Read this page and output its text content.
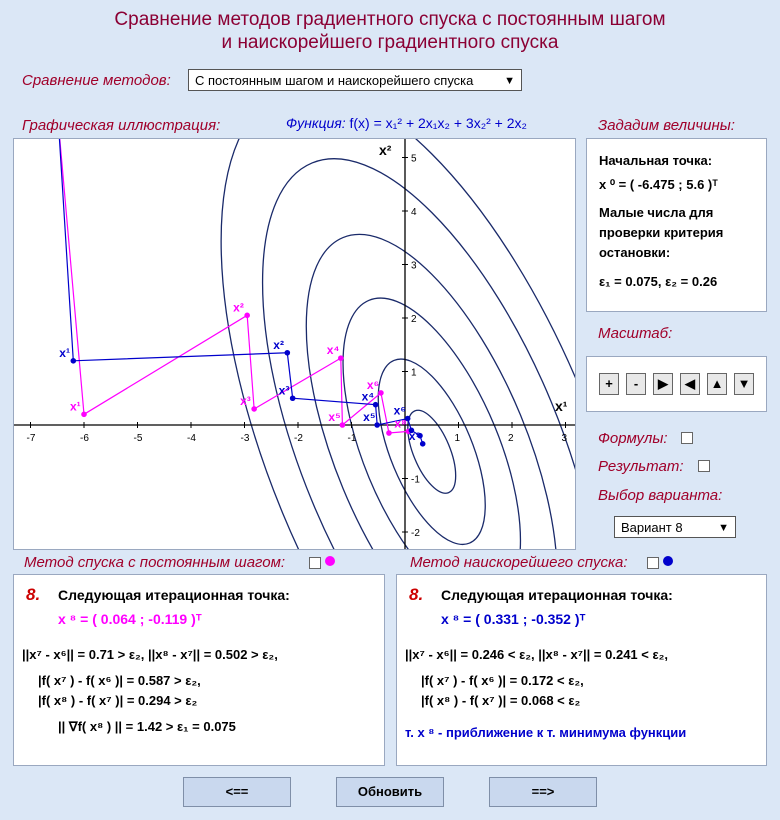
Сравнение методов градиентного спуска с постоянным шагом
и наискорейшего градиентного спуска
Сравнение методов:	С постоянным шагом и наискорейшего спуска	▼
Графическая иллюстрация:	Функция: f(x) = x₁² + 2x₁x₂ + 3x₂² + 2x₂
-7	-6	-5	-4	-3	-2	-1	1	2	3
5
4
3
2
1
-1
-2
x¹
x²
x¹
x²
x³	x⁴
x⁵ x⁶
x⁹
x¹
x²
x³
x⁴
x⁵
x⁶
x⁸
Зададим величины:
Начальная точка:
x ⁰ = ( -6.475 ; 5.6 )ᵀ
Малые числа для
проверки критерия
остановки:
ε₁ = 0.075, ε₂ = 0.26
Масштаб:
+	-	▶	◀	▲ ▼
Формулы:
Результат:
Выбор варианта:
Вариант 8	▼
Метод спуска с постоянным шагом:	Метод наискорейшего спуска:
8. Следующая итерационная точка:
x ⁸ = ( 0.064 ; -0.119 )ᵀ
||x⁷ - x⁶|| = 0.71 > ε₂, ||x⁸ - x⁷|| = 0.502 > ε₂,
|f( x⁷ ) - f( x⁶ )| = 0.587 > ε₂,
|f( x⁸ ) - f( x⁷ )| = 0.294 > ε₂
|| ∇f( x⁸ ) || = 1.42 > ε₁ = 0.075
8. Следующая итерационная точка:
x ⁸ = ( 0.331 ; -0.352 )ᵀ
||x⁷ - x⁶|| = 0.246 < ε₂, ||x⁸ - x⁷|| = 0.241 < ε₂,
|f( x⁷ ) - f( x⁶ )| = 0.172 < ε₂,
|f( x⁸ ) - f( x⁷ )| = 0.068 < ε₂
т. x ⁸ - приближение к т. минимума функции
<==	Обновить	==>
